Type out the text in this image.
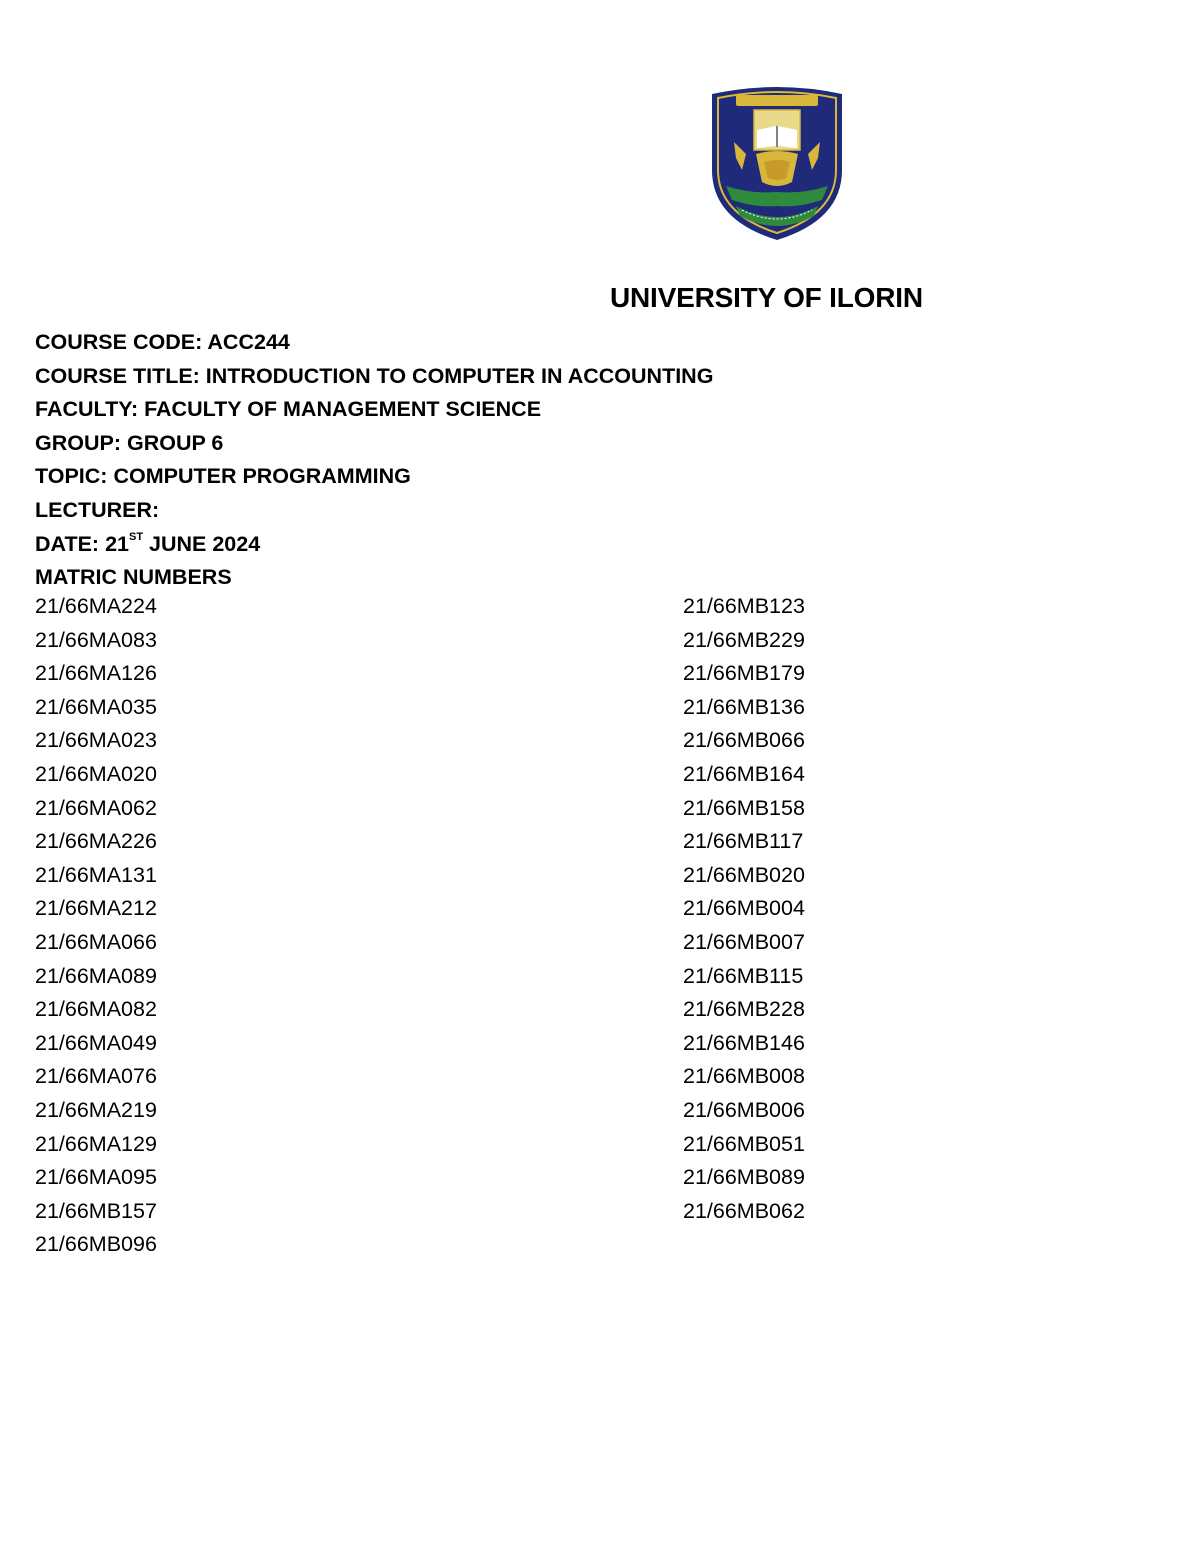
UNIVERSITY OF ILORIN
COURSE CODE: ACC244
COURSE TITLE: INTRODUCTION TO COMPUTER IN ACCOUNTING
FACULTY: FACULTY OF MANAGEMENT SCIENCE
GROUP: GROUP 6
TOPIC: COMPUTER PROGRAMMING
LECTURER:
DATE: 21ST JUNE 2024
MATRIC NUMBERS
21/66MA224
21/66MA083
21/66MA126
21/66MA035
21/66MA023
21/66MA020
21/66MA062
21/66MA226
21/66MA131
21/66MA212
21/66MA066
21/66MA089
21/66MA082
21/66MA049
21/66MA076
21/66MA219
21/66MA129
21/66MA095
21/66MB157
21/66MB096
21/66MB123
21/66MB229
21/66MB179
21/66MB136
21/66MB066
21/66MB164
21/66MB158
21/66MB117
21/66MB020
21/66MB004
21/66MB007
21/66MB115
21/66MB228
21/66MB146
21/66MB008
21/66MB006
21/66MB051
21/66MB089
21/66MB062
